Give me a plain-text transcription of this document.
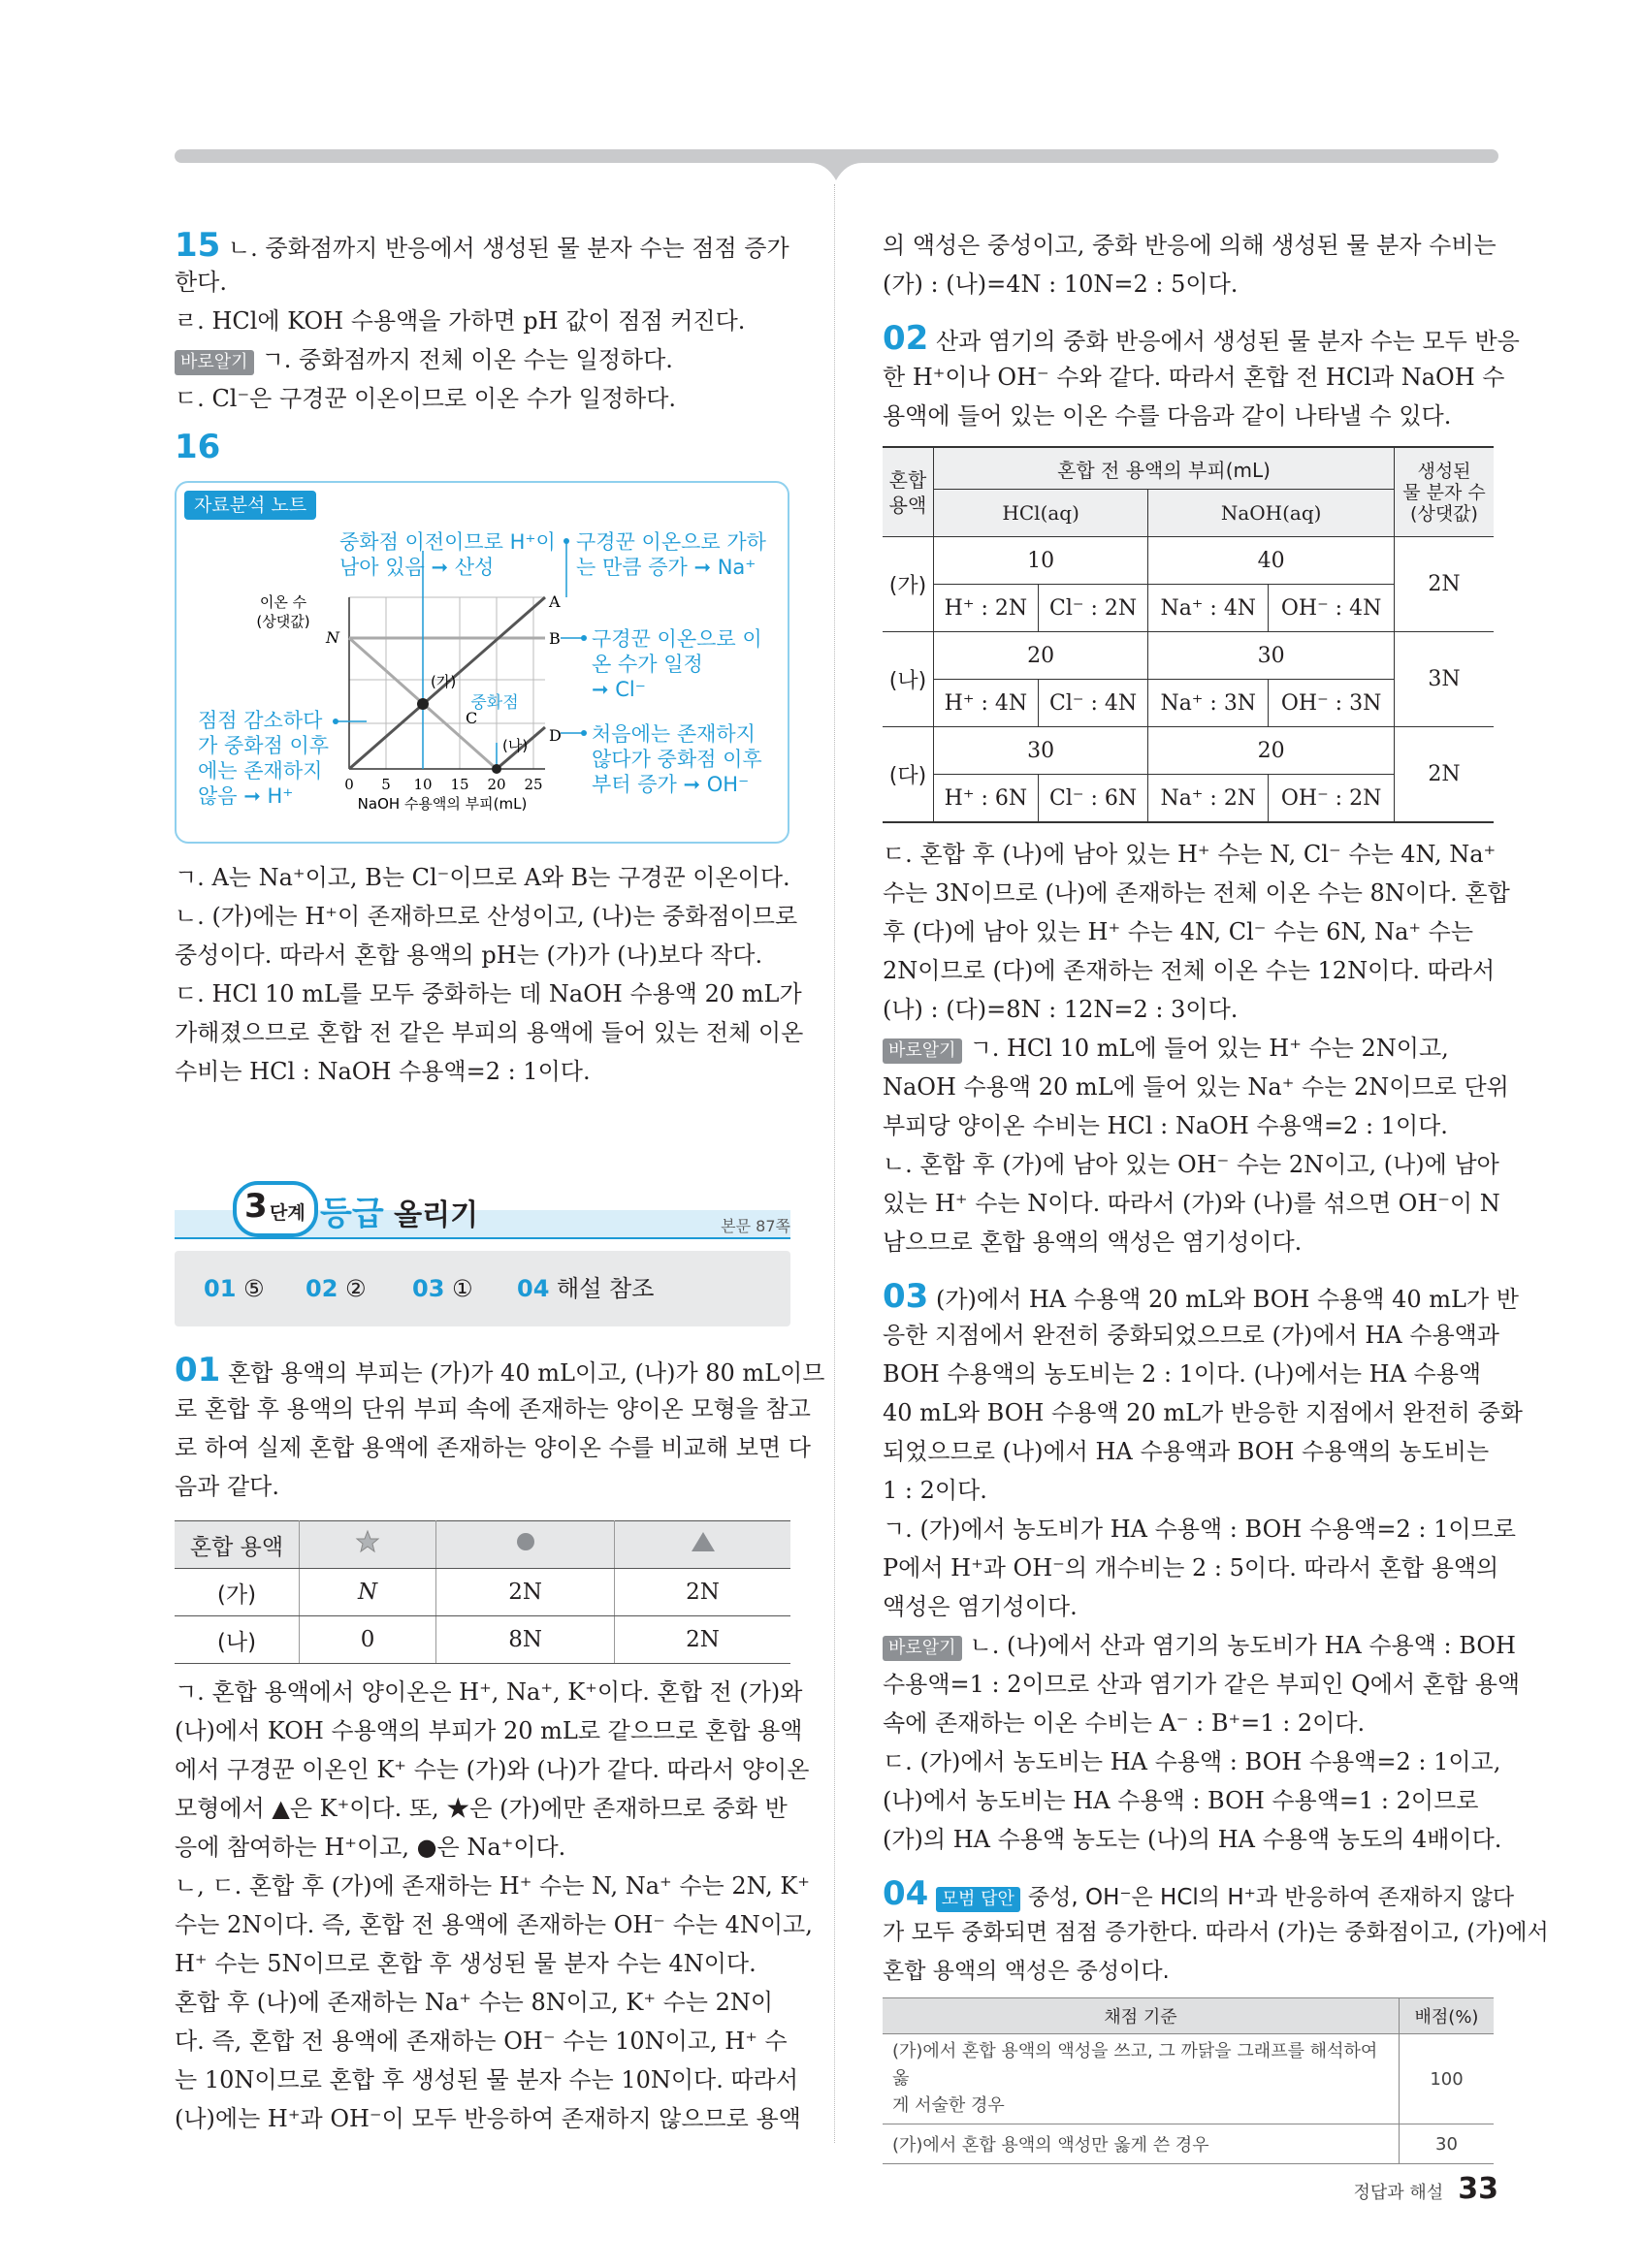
15 ㄴ. 중화점까지 반응에서 생성된 물 분자 수는 점점 증가
한다.
ㄹ. HCl에 KOH 수용액을 가하면 pH 값이 점점 커진다.
바로알기 ㄱ. 중화점까지 전체 이온 수는 일정하다.
ㄷ. Cl⁻은 구경꾼 이온이므로 이온 수가 일정하다.
16
자료분석 노트
이온 수
(상댓값)
N
0 5 10 15 20 25
NaOH 수용액의 부피(mL)
(가)
(나)
중화점
A
B
C
D
중화점 이전이므로 H⁺이
남아 있음 ➞ 산성
구경꾼 이온으로 가하
는 만큼 증가 ➞ Na⁺
구경꾼 이온으로 이
온 수가 일정
➞ Cl⁻
처음에는 존재하지
않다가 중화점 이후
부터 증가 ➞ OH⁻
점점 감소하다
가 중화점 이후
에는 존재하지
않음 ➞ H⁺
ㄱ. A는 Na⁺이고, B는 Cl⁻이므로 A와 B는 구경꾼 이온이다.
ㄴ. (가)에는 H⁺이 존재하므로 산성이고, (나)는 중화점이므로
중성이다. 따라서 혼합 용액의 pH는 (가)가 (나)보다 작다.
ㄷ. HCl 10 mL를 모두 중화하는 데 NaOH 수용액 20 mL가
가해졌으므로 혼합 전 같은 부피의 용액에 들어 있는 전체 이온
수비는 HCl : NaOH 수용액=2 : 1이다.
3 단계 등급 올리기	본문 87쪽
01 ⑤ 02 ② 03 ① 04 해설 참조
01 혼합 용액의 부피는 (가)가 40 mL이고, (나)가 80 mL이므
로 혼합 후 용액의 단위 부피 속에 존재하는 양이온 모형을 참고
로 하여 실제 혼합 용액에 존재하는 양이온 수를 비교해 보면 다
음과 같다.
혼합 용액			
(가)	N	2N	2N
(나)	0	8N	2N
ㄱ. 혼합 용액에서 양이온은 H⁺, Na⁺, K⁺이다. 혼합 전 (가)와
(나)에서 KOH 수용액의 부피가 20 mL로 같으므로 혼합 용액
에서 구경꾼 이온인 K⁺ 수는 (가)와 (나)가 같다. 따라서 양이온
모형에서 ▲은 K⁺이다. 또, ★은 (가)에만 존재하므로 중화 반
응에 참여하는 H⁺이고, ●은 Na⁺이다.
ㄴ, ㄷ. 혼합 후 (가)에 존재하는 H⁺ 수는 N, Na⁺ 수는 2N, K⁺
수는 2N이다. 즉, 혼합 전 용액에 존재하는 OH⁻ 수는 4N이고,
H⁺ 수는 5N이므로 혼합 후 생성된 물 분자 수는 4N이다.
혼합 후 (나)에 존재하는 Na⁺ 수는 8N이고, K⁺ 수는 2N이
다. 즉, 혼합 전 용액에 존재하는 OH⁻ 수는 10N이고, H⁺ 수
는 10N이므로 혼합 후 생성된 물 분자 수는 10N이다. 따라서
(나)에는 H⁺과 OH⁻이 모두 반응하여 존재하지 않으므로 용액
의 액성은 중성이고, 중화 반응에 의해 생성된 물 분자 수비는
(가) : (나)=4N : 10N=2 : 5이다.
02 산과 염기의 중화 반응에서 생성된 물 분자 수는 모두 반응
한 H⁺이나 OH⁻ 수와 같다. 따라서 혼합 전 HCl과 NaOH 수
용액에 들어 있는 이온 수를 다음과 같이 나타낼 수 있다.
혼합
용액	혼합 전 용액의 부피(mL)				생성된
물 분자 수
(상댓값)
	HCl(aq)		NaOH(aq)		
(가)	10		40		2N
	H⁺ : 2N	Cl⁻ : 2N	Na⁺ : 4N	OH⁻ : 4N	
(나)	20		30		3N
	H⁺ : 4N	Cl⁻ : 4N	Na⁺ : 3N	OH⁻ : 3N	
(다)	30		20		2N
	H⁺ : 6N	Cl⁻ : 6N	Na⁺ : 2N	OH⁻ : 2N	
ㄷ. 혼합 후 (나)에 남아 있는 H⁺ 수는 N, Cl⁻ 수는 4N, Na⁺
수는 3N이므로 (나)에 존재하는 전체 이온 수는 8N이다. 혼합
후 (다)에 남아 있는 H⁺ 수는 4N, Cl⁻ 수는 6N, Na⁺ 수는
2N이므로 (다)에 존재하는 전체 이온 수는 12N이다. 따라서
(나) : (다)=8N : 12N=2 : 3이다.
바로알기 ㄱ. HCl 10 mL에 들어 있는 H⁺ 수는 2N이고,
NaOH 수용액 20 mL에 들어 있는 Na⁺ 수는 2N이므로 단위
부피당 양이온 수비는 HCl : NaOH 수용액=2 : 1이다.
ㄴ. 혼합 후 (가)에 남아 있는 OH⁻ 수는 2N이고, (나)에 남아
있는 H⁺ 수는 N이다. 따라서 (가)와 (나)를 섞으면 OH⁻이 N
남으므로 혼합 용액의 액성은 염기성이다.
03 (가)에서 HA 수용액 20 mL와 BOH 수용액 40 mL가 반
응한 지점에서 완전히 중화되었으므로 (가)에서 HA 수용액과
BOH 수용액의 농도비는 2 : 1이다. (나)에서는 HA 수용액
40 mL와 BOH 수용액 20 mL가 반응한 지점에서 완전히 중화
되었으므로 (나)에서 HA 수용액과 BOH 수용액의 농도비는
1 : 2이다.
ㄱ. (가)에서 농도비가 HA 수용액 : BOH 수용액=2 : 1이므로
P에서 H⁺과 OH⁻의 개수비는 2 : 5이다. 따라서 혼합 용액의
액성은 염기성이다.
바로알기 ㄴ. (나)에서 산과 염기의 농도비가 HA 수용액 : BOH
수용액=1 : 2이므로 산과 염기가 같은 부피인 Q에서 혼합 용액
속에 존재하는 이온 수비는 A⁻ : B⁺=1 : 2이다.
ㄷ. (가)에서 농도비는 HA 수용액 : BOH 수용액=2 : 1이고,
(나)에서 농도비는 HA 수용액 : BOH 수용액=1 : 2이므로
(가)의 HA 수용액 농도는 (나)의 HA 수용액 농도의 4배이다.
04 모범 답안 중성, OH⁻은 HCl의 H⁺과 반응하여 존재하지 않다
가 모두 중화되면 점점 증가한다. 따라서 (가)는 중화점이고, (가)에서
혼합 용액의 액성은 중성이다.
채점 기준	배점(%)
(가)에서 혼합 용액의 액성을 쓰고, 그 까닭을 그래프를 해석하여 옳
게 서술한 경우	100
(가)에서 혼합 용액의 액성만 옳게 쓴 경우	30
정답과 해설 33
